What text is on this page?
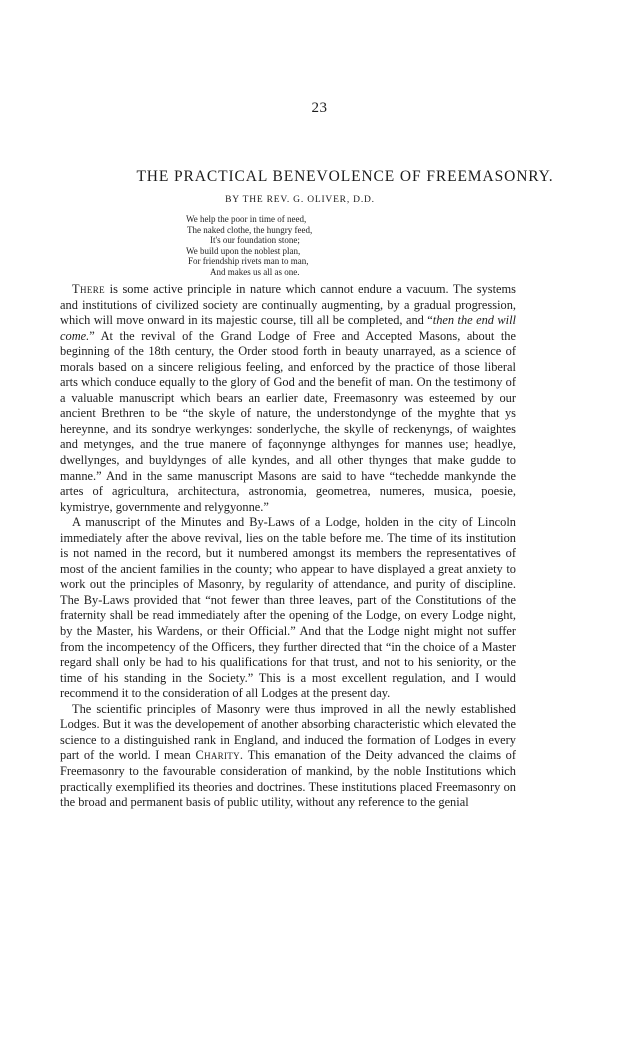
23
THE PRACTICAL BENEVOLENCE OF FREEMASONRY.
BY THE REV. G. OLIVER, D.D.
We help the poor in time of need,
The naked clothe, the hungry feed,
It's our foundation stone;
We build upon the noblest plan,
For friendship rivets man to man,
And makes us all as one.

There is some active principle in nature which cannot endure a vacuum. The systems and institutions of civilized society are continually augmenting, by a gradual progression, which will move onward in its majestic course, till all be completed, and “then the end will come.” At the revival of the Grand Lodge of Free and Accepted Masons, about the beginning of the 18th century, the Order stood forth in beauty unarrayed, as a science of morals based on a sincere religious feeling, and enforced by the practice of those liberal arts which conduce equally to the glory of God and the benefit of man. On the testimony of a valuable manuscript which bears an earlier date, Freemasonry was esteemed by our ancient Brethren to be “the skyle of nature, the understondynge of the myghte that ys hereynne, and its sondrye werkynges: sonderlyche, the skylle of reckenyngs, of waightes and metynges, and the true manere of façonnynge althynges for mannes use; headlye, dwellynges, and buyldynges of alle kyndes, and all other thynges that make gudde to manne.” And in the same manuscript Masons are said to have “techedde mankynde the artes of agricultura, architectura, astronomia, geometrea, numeres, musica, poesie, kymistrye, governmente and relygyonne.”

A manuscript of the Minutes and By-Laws of a Lodge, holden in the city of Lincoln immediately after the above revival, lies on the table before me. The time of its institution is not named in the record, but it numbered amongst its members the representatives of most of the ancient families in the county; who appear to have displayed a great anxiety to work out the principles of Masonry, by regularity of attendance, and purity of discipline. The By-Laws provided that “not fewer than three leaves, part of the Constitutions of the fraternity shall be read immediately after the opening of the Lodge, on every Lodge night, by the Master, his Wardens, or their Official.” And that the Lodge night might not suffer from the incompetency of the Officers, they further directed that “in the choice of a Master regard shall only be had to his qualifications for that trust, and not to his seniority, or the time of his standing in the Society.” This is a most excellent regulation, and I would recommend it to the consideration of all Lodges at the present day.

The scientific principles of Masonry were thus improved in all the newly established Lodges. But it was the developement of another absorbing characteristic which elevated the science to a distinguished rank in England, and induced the formation of Lodges in every part of the world. I mean Charity. This emanation of the Deity advanced the claims of Freemasonry to the favourable consideration of mankind, by the noble Institutions which practically exemplified its theories and doctrines. These institutions placed Freemasonry on the broad and permanent basis of public utility, without any reference to the genial
